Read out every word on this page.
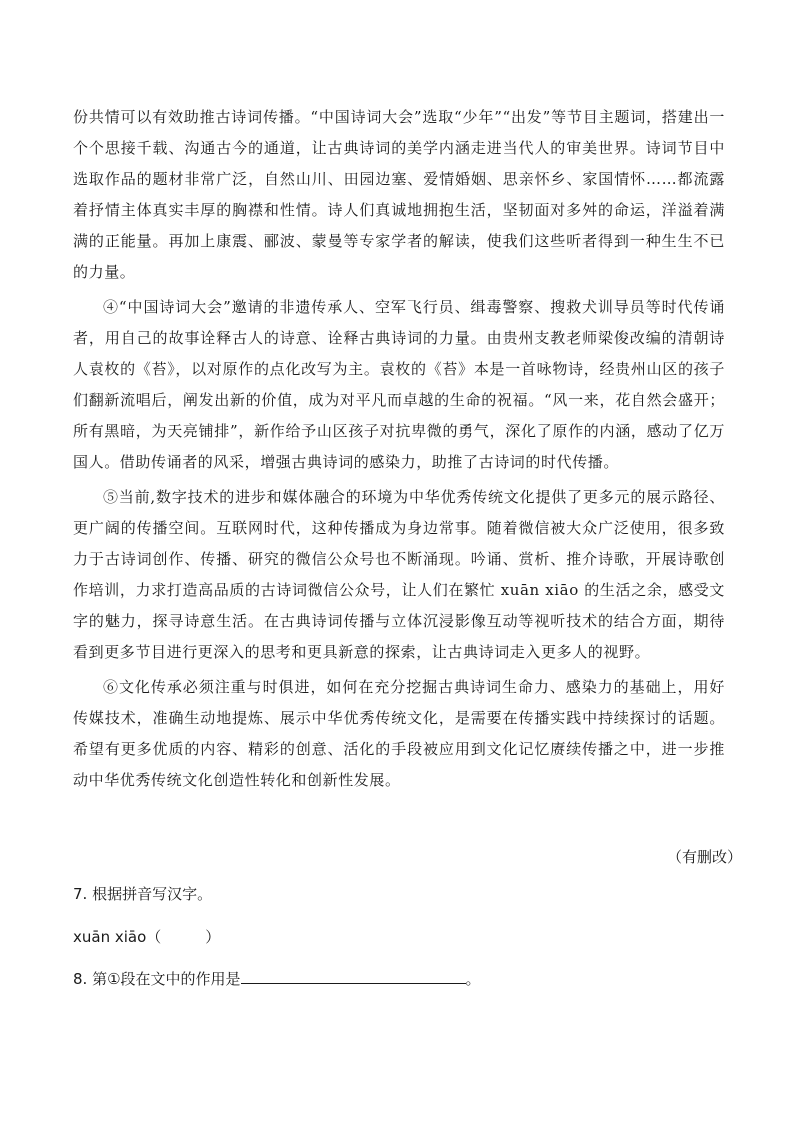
份共情可以有效助推古诗词传播。“中国诗词大会”选取“少年”“出发”等节目主题词，搭建出一个个思接千载、沟通古今的通道，让古典诗词的美学内涵走进当代人的审美世界。诗词节目中选取作品的题材非常广泛，自然山川、田园边塞、爱情婚姻、思亲怀乡、家国情怀……都流露着抒情主体真实丰厚的胸襟和性情。诗人们真诚地拥抱生活，坚韧面对多舛的命运，洋溢着满满的正能量。再加上康震、郦波、蒙曼等专家学者的解读，使我们这些听者得到一种生生不已的力量。

④“中国诗词大会”邀请的非遗传承人、空军飞行员、缉毒警察、搜救犬训导员等时代传诵者，用自己的故事诠释古人的诗意、诠释古典诗词的力量。由贵州支教老师梁俊改编的清朝诗人袁枚的《苔》，以对原作的点化改写为主。袁枚的《苔》本是一首咏物诗，经贵州山区的孩子们翻新流唱后，阐发出新的价值，成为对平凡而卓越的生命的祝福。“风一来，花自然会盛开；所有黑暗，为天亮铺排”，新作给予山区孩子对抗卑微的勇气，深化了原作的内涵，感动了亿万国人。借助传诵者的风采，增强古典诗词的感染力，助推了古诗词的时代传播。

⑤当前,数字技术的进步和媒体融合的环境为中华优秀传统文化提供了更多元的展示路径、更广阔的传播空间。互联网时代，这种传播成为身边常事。随着微信被大众广泛使用，很多致力于古诗词创作、传播、研究的微信公众号也不断涌现。吟诵、赏析、推介诗歌，开展诗歌创作培训，力求打造高品质的古诗词微信公众号，让人们在繁忙 xuān xiāo 的生活之余，感受文字的魅力，探寻诗意生活。在古典诗词传播与立体沉浸影像互动等视听技术的结合方面，期待看到更多节目进行更深入的思考和更具新意的探索，让古典诗词走入更多人的视野。

⑥文化传承必须注重与时俱进，如何在充分挖掘古典诗词生命力、感染力的基础上，用好传媒技术，准确生动地提炼、展示中华优秀传统文化，是需要在传播实践中持续探讨的话题。希望有更多优质的内容、精彩的创意、活化的手段被应用到文化记忆赓续传播之中，进一步推动中华优秀传统文化创造性转化和创新性发展。

（有删改）
7. 根据拼音写汉字。
xuān xiāo（	）
8. 第①段在文中的作用是	。
